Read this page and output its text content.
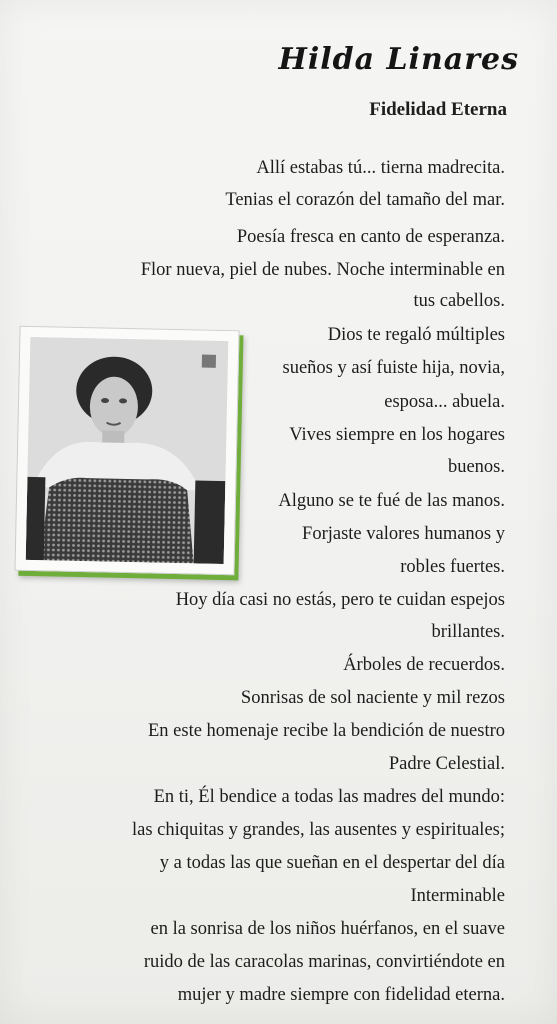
Hilda Linares
Fidelidad Eterna

Allí estabas tú... tierna madrecita.

Tenias el corazón del tamaño del mar.

Poesía fresca en canto de esperanza.

Flor nueva, piel de nubes. Noche interminable en

tus cabellos.

Dios te regaló múltiples

sueños y así fuiste hija, novia,

esposa... abuela.

Vives siempre en los hogares

buenos.

Alguno se te fué de las manos.

Forjaste valores humanos y

robles fuertes.

Hoy día casi no estás, pero te cuidan espejos

brillantes.

Árboles de recuerdos.

Sonrisas de sol naciente y mil rezos

En este homenaje recibe la bendición de nuestro

Padre Celestial.

En ti, Él bendice a todas las madres del mundo:

las chiquitas y grandes, las ausentes y espirituales;

y a todas las que sueñan en el despertar del día

Interminable

en la sonrisa de los niños huérfanos, en el suave

ruido de las caracolas marinas, convirtiéndote en

mujer y madre siempre con fidelidad eterna.
